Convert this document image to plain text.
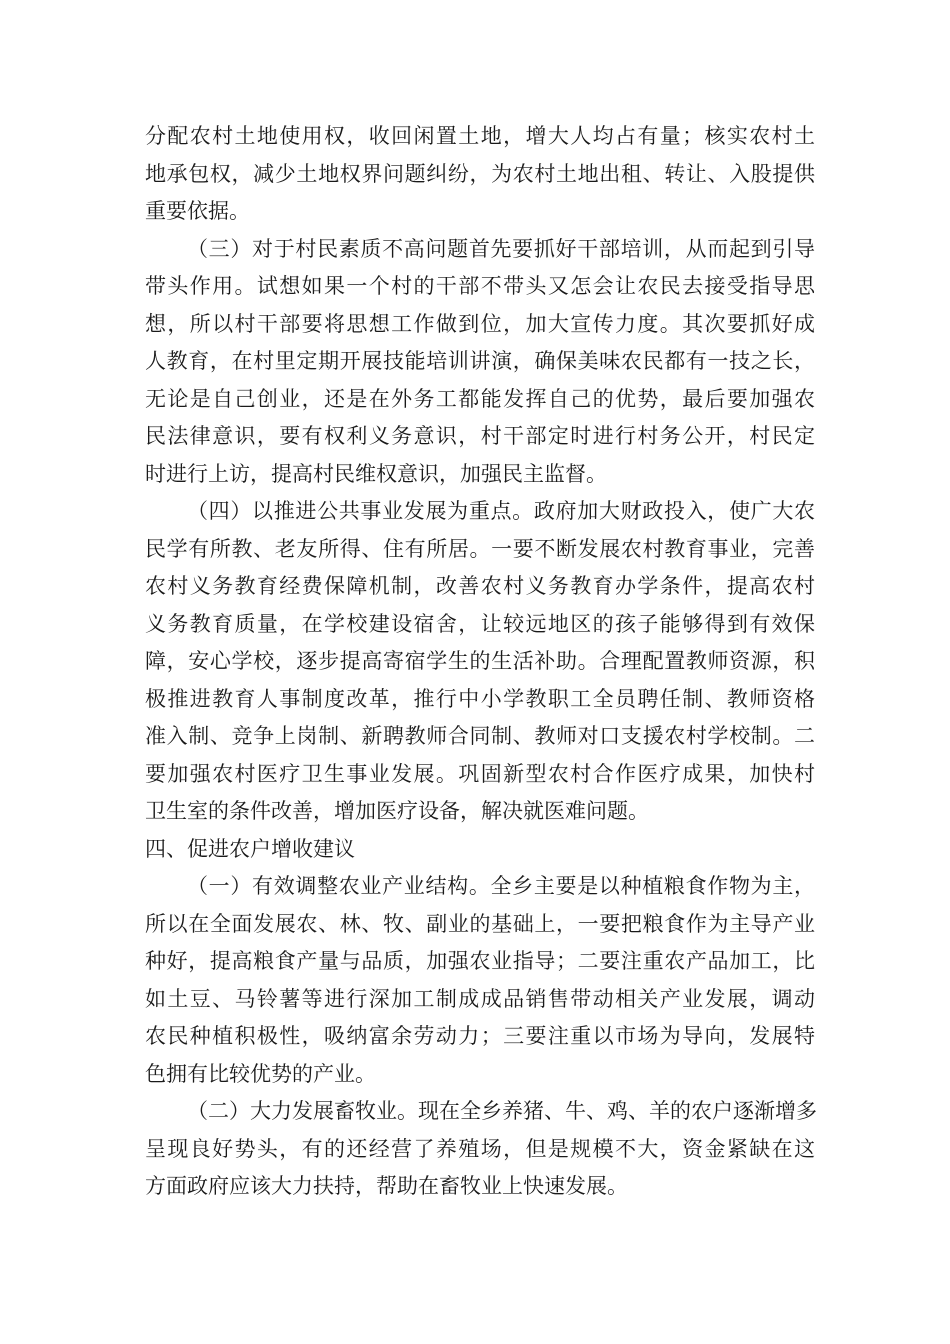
分配农村土地使用权，收回闲置土地，增大人均占有量；核实农村土
地承包权，减少土地权界问题纠纷，为农村土地出租、转让、入股提供
重要依据。
（三）对于村民素质不高问题首先要抓好干部培训，从而起到引导
带头作用。试想如果一个村的干部不带头又怎会让农民去接受指导思
想，所以村干部要将思想工作做到位，加大宣传力度。其次要抓好成
人教育，在村里定期开展技能培训讲演，确保美味农民都有一技之长，
无论是自己创业，还是在外务工都能发挥自己的优势，最后要加强农
民法律意识，要有权利义务意识，村干部定时进行村务公开，村民定
时进行上访，提高村民维权意识，加强民主监督。
（四）以推进公共事业发展为重点。政府加大财政投入，使广大农
民学有所教、老友所得、住有所居。一要不断发展农村教育事业，完善
农村义务教育经费保障机制，改善农村义务教育办学条件，提高农村
义务教育质量，在学校建设宿舍，让较远地区的孩子能够得到有效保
障，安心学校，逐步提高寄宿学生的生活补助。合理配置教师资源，积
极推进教育人事制度改革，推行中小学教职工全员聘任制、教师资格
准入制、竞争上岗制、新聘教师合同制、教师对口支援农村学校制。二
要加强农村医疗卫生事业发展。巩固新型农村合作医疗成果，加快村
卫生室的条件改善，增加医疗设备，解决就医难问题。
四、促进农户增收建议
（一）有效调整农业产业结构。全乡主要是以种植粮食作物为主，
所以在全面发展农、林、牧、副业的基础上，一要把粮食作为主导产业
种好，提高粮食产量与品质，加强农业指导；二要注重农产品加工，比
如土豆、马铃薯等进行深加工制成成品销售带动相关产业发展，调动
农民种植积极性，吸纳富余劳动力；三要注重以市场为导向，发展特
色拥有比较优势的产业。
（二）大力发展畜牧业。现在全乡养猪、牛、鸡、羊的农户逐渐增多
呈现良好势头，有的还经营了养殖场，但是规模不大，资金紧缺在这
方面政府应该大力扶持，帮助在畜牧业上快速发展。
